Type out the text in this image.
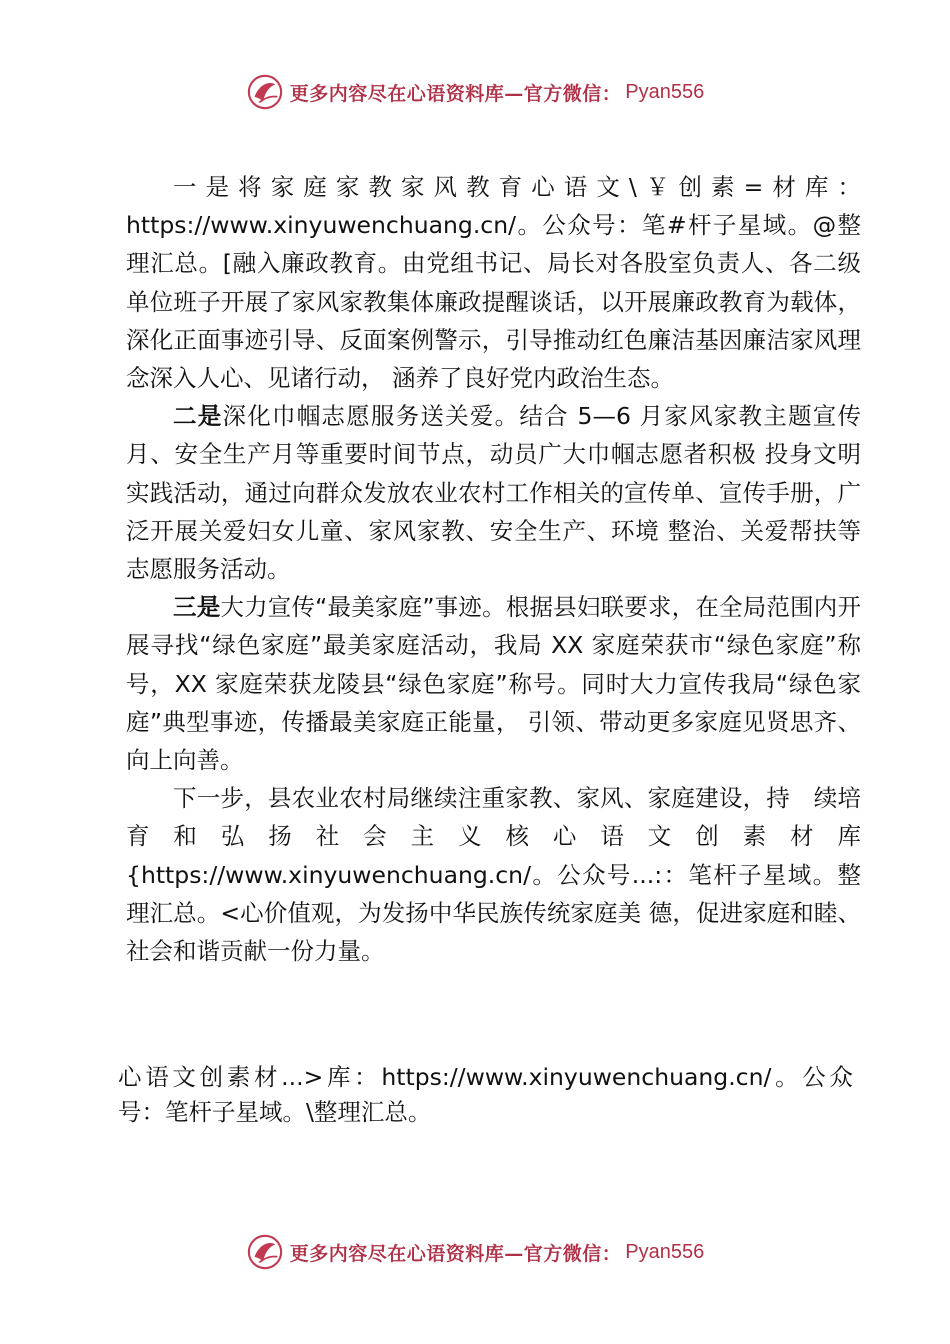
更多内容尽在心语资料库—官方微信： Pyan556

一是将家庭家教家风教育心语文\￥创素=材库：https://www.xinyuwenchuang.cn/。公众号：笔#杆子星域。@整理汇总。[融入廉政教育。由党组书记、局长对各股室负责人、各二级单位班子开展了家风家教集体廉政提醒谈话，以开展廉政教育为载体，深化正面事迹引导、反面案例警示，引导推动红色廉洁基因廉洁家风理念深入人心、见诸行动， 涵养了良好党内政治生态。

二是深化巾帼志愿服务送关爱。结合 5—6 月家风家教主题宣传月、安全生产月等重要时间节点，动员广大巾帼志愿者积极 投身文明实践活动，通过向群众发放农业农村工作相关的宣传单、宣传手册，广泛开展关爱妇女儿童、家风家教、安全生产、环境 整治、关爱帮扶等志愿服务活动。

三是大力宣传“最美家庭”事迹。根据县妇联要求，在全局范围内开展寻找“绿色家庭”最美家庭活动，我局 XX 家庭荣获市“绿色家庭”称号，XX 家庭荣获龙陵县“绿色家庭”称号。同时大力宣传我局“绿色家庭”典型事迹，传播最美家庭正能量， 引领、带动更多家庭见贤思齐、向上向善。

下一步，县农业农村局继续注重家教、家风、家庭建设，持　续培育和弘扬社会主义核心语文创素材库{https://www.xinyuwenchuang.cn/。公众号...:：笔杆子星域。整理汇总。<心价值观，为发扬中华民族传统家庭美 德，促进家庭和睦、社会和谐贡献一份力量。

心语文创素材...>库：https://www.xinyuwenchuang.cn/。公众号：笔杆子星域。\整理汇总。

更多内容尽在心语资料库—官方微信： Pyan556
